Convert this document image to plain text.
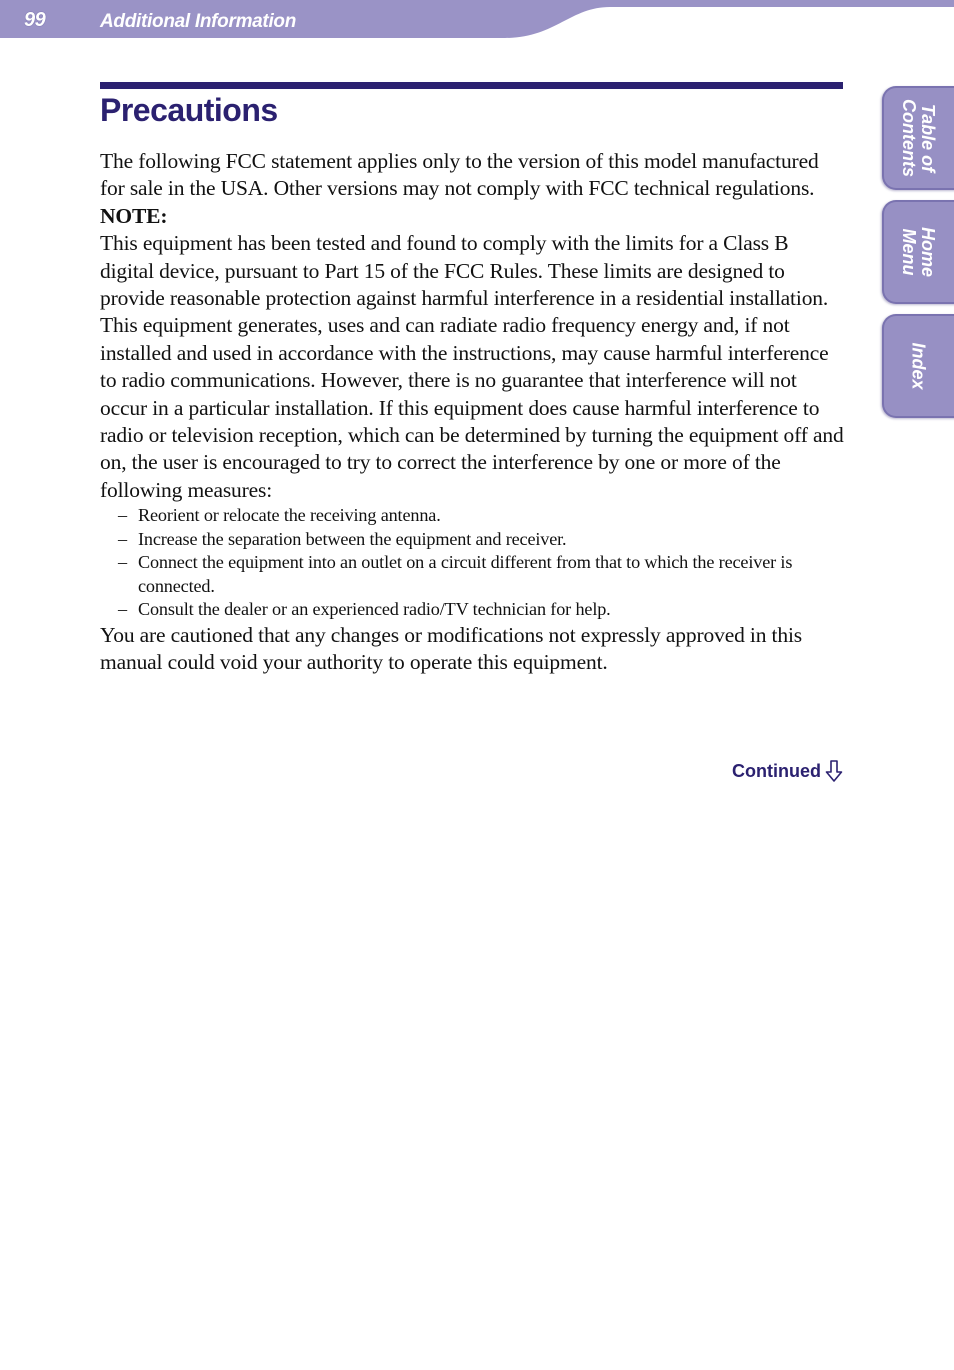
99	Additional Information
Precautions

The following FCC statement applies only to the version of this model manufactured for sale in the USA. Other versions may not comply with FCC technical regulations.

NOTE:

This equipment has been tested and found to comply with the limits for a Class B digital device, pursuant to Part 15 of the FCC Rules. These limits are designed to provide reasonable protection against harmful interference in a residential installation. This equipment generates, uses and can radiate radio frequency energy and, if not installed and used in accordance with the instructions, may cause harmful interference to radio communications. However, there is no guarantee that interference will not occur in a particular installation. If this equipment does cause harmful interference to radio or television reception, which can be determined by turning the equipment off and on, the user is encouraged to try to correct the interference by one or more of the following measures:

– Reorient or relocate the receiving antenna.
– Increase the separation between the equipment and receiver.
– Connect the equipment into an outlet on a circuit different from that to which the receiver is connected.
– Consult the dealer or an experienced radio/TV technician for help.

You are cautioned that any changes or modifications not expressly approved in this manual could void your authority to operate this equipment.

Continued
Table of
Contents
Home
Menu
Index
